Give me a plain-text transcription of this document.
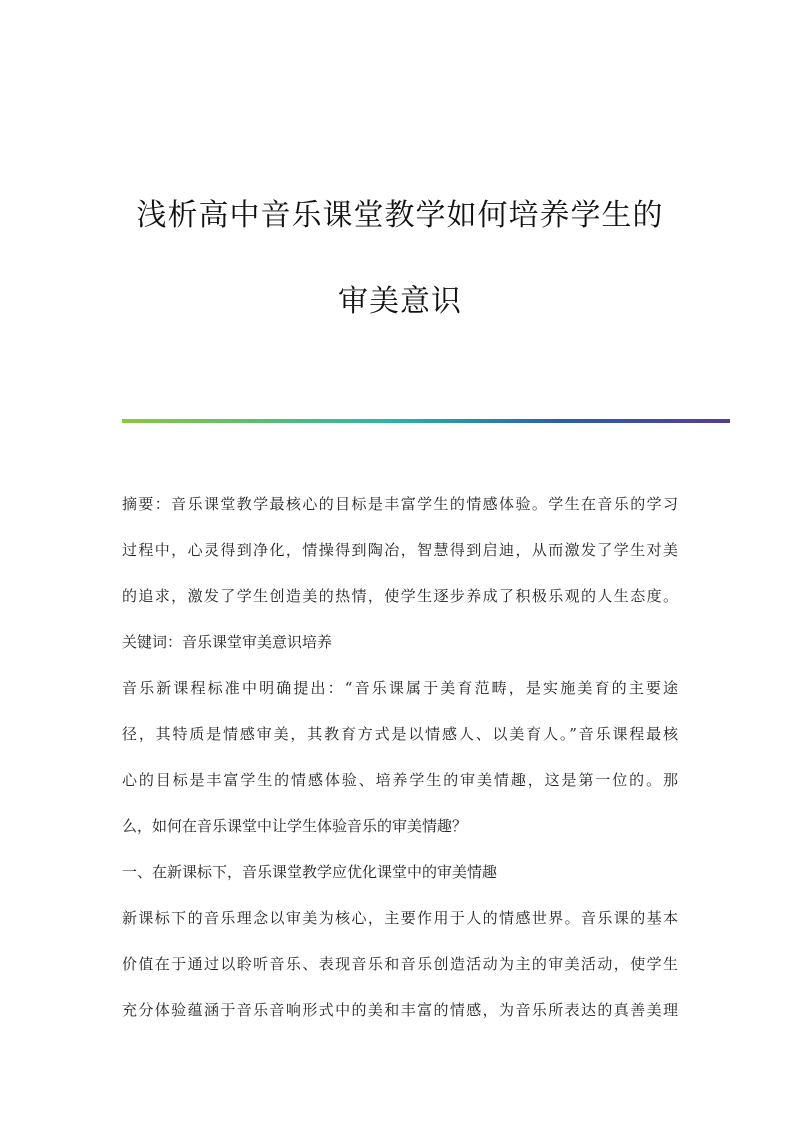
浅析高中音乐课堂教学如何培养学生的
审美意识
摘要：音乐课堂教学最核心的目标是丰富学生的情感体验。学生在音乐的学习
过程中，心灵得到净化，情操得到陶冶，智慧得到启迪，从而激发了学生对美
的追求，激发了学生创造美的热情，使学生逐步养成了积极乐观的人生态度。
关键词：音乐课堂审美意识培养
音乐新课程标准中明确提出：“音乐课属于美育范畴，是实施美育的主要途
径，其特质是情感审美，其教育方式是以情感人、以美育人。”音乐课程最核
心的目标是丰富学生的情感体验、培养学生的审美情趣，这是第一位的。那
么，如何在音乐课堂中让学生体验音乐的审美情趣？
一、在新课标下，音乐课堂教学应优化课堂中的审美情趣
新课标下的音乐理念以审美为核心，主要作用于人的情感世界。音乐课的基本
价值在于通过以聆听音乐、表现音乐和音乐创造活动为主的审美活动，使学生
充分体验蕴涵于音乐音响形式中的美和丰富的情感，为音乐所表达的真善美理
